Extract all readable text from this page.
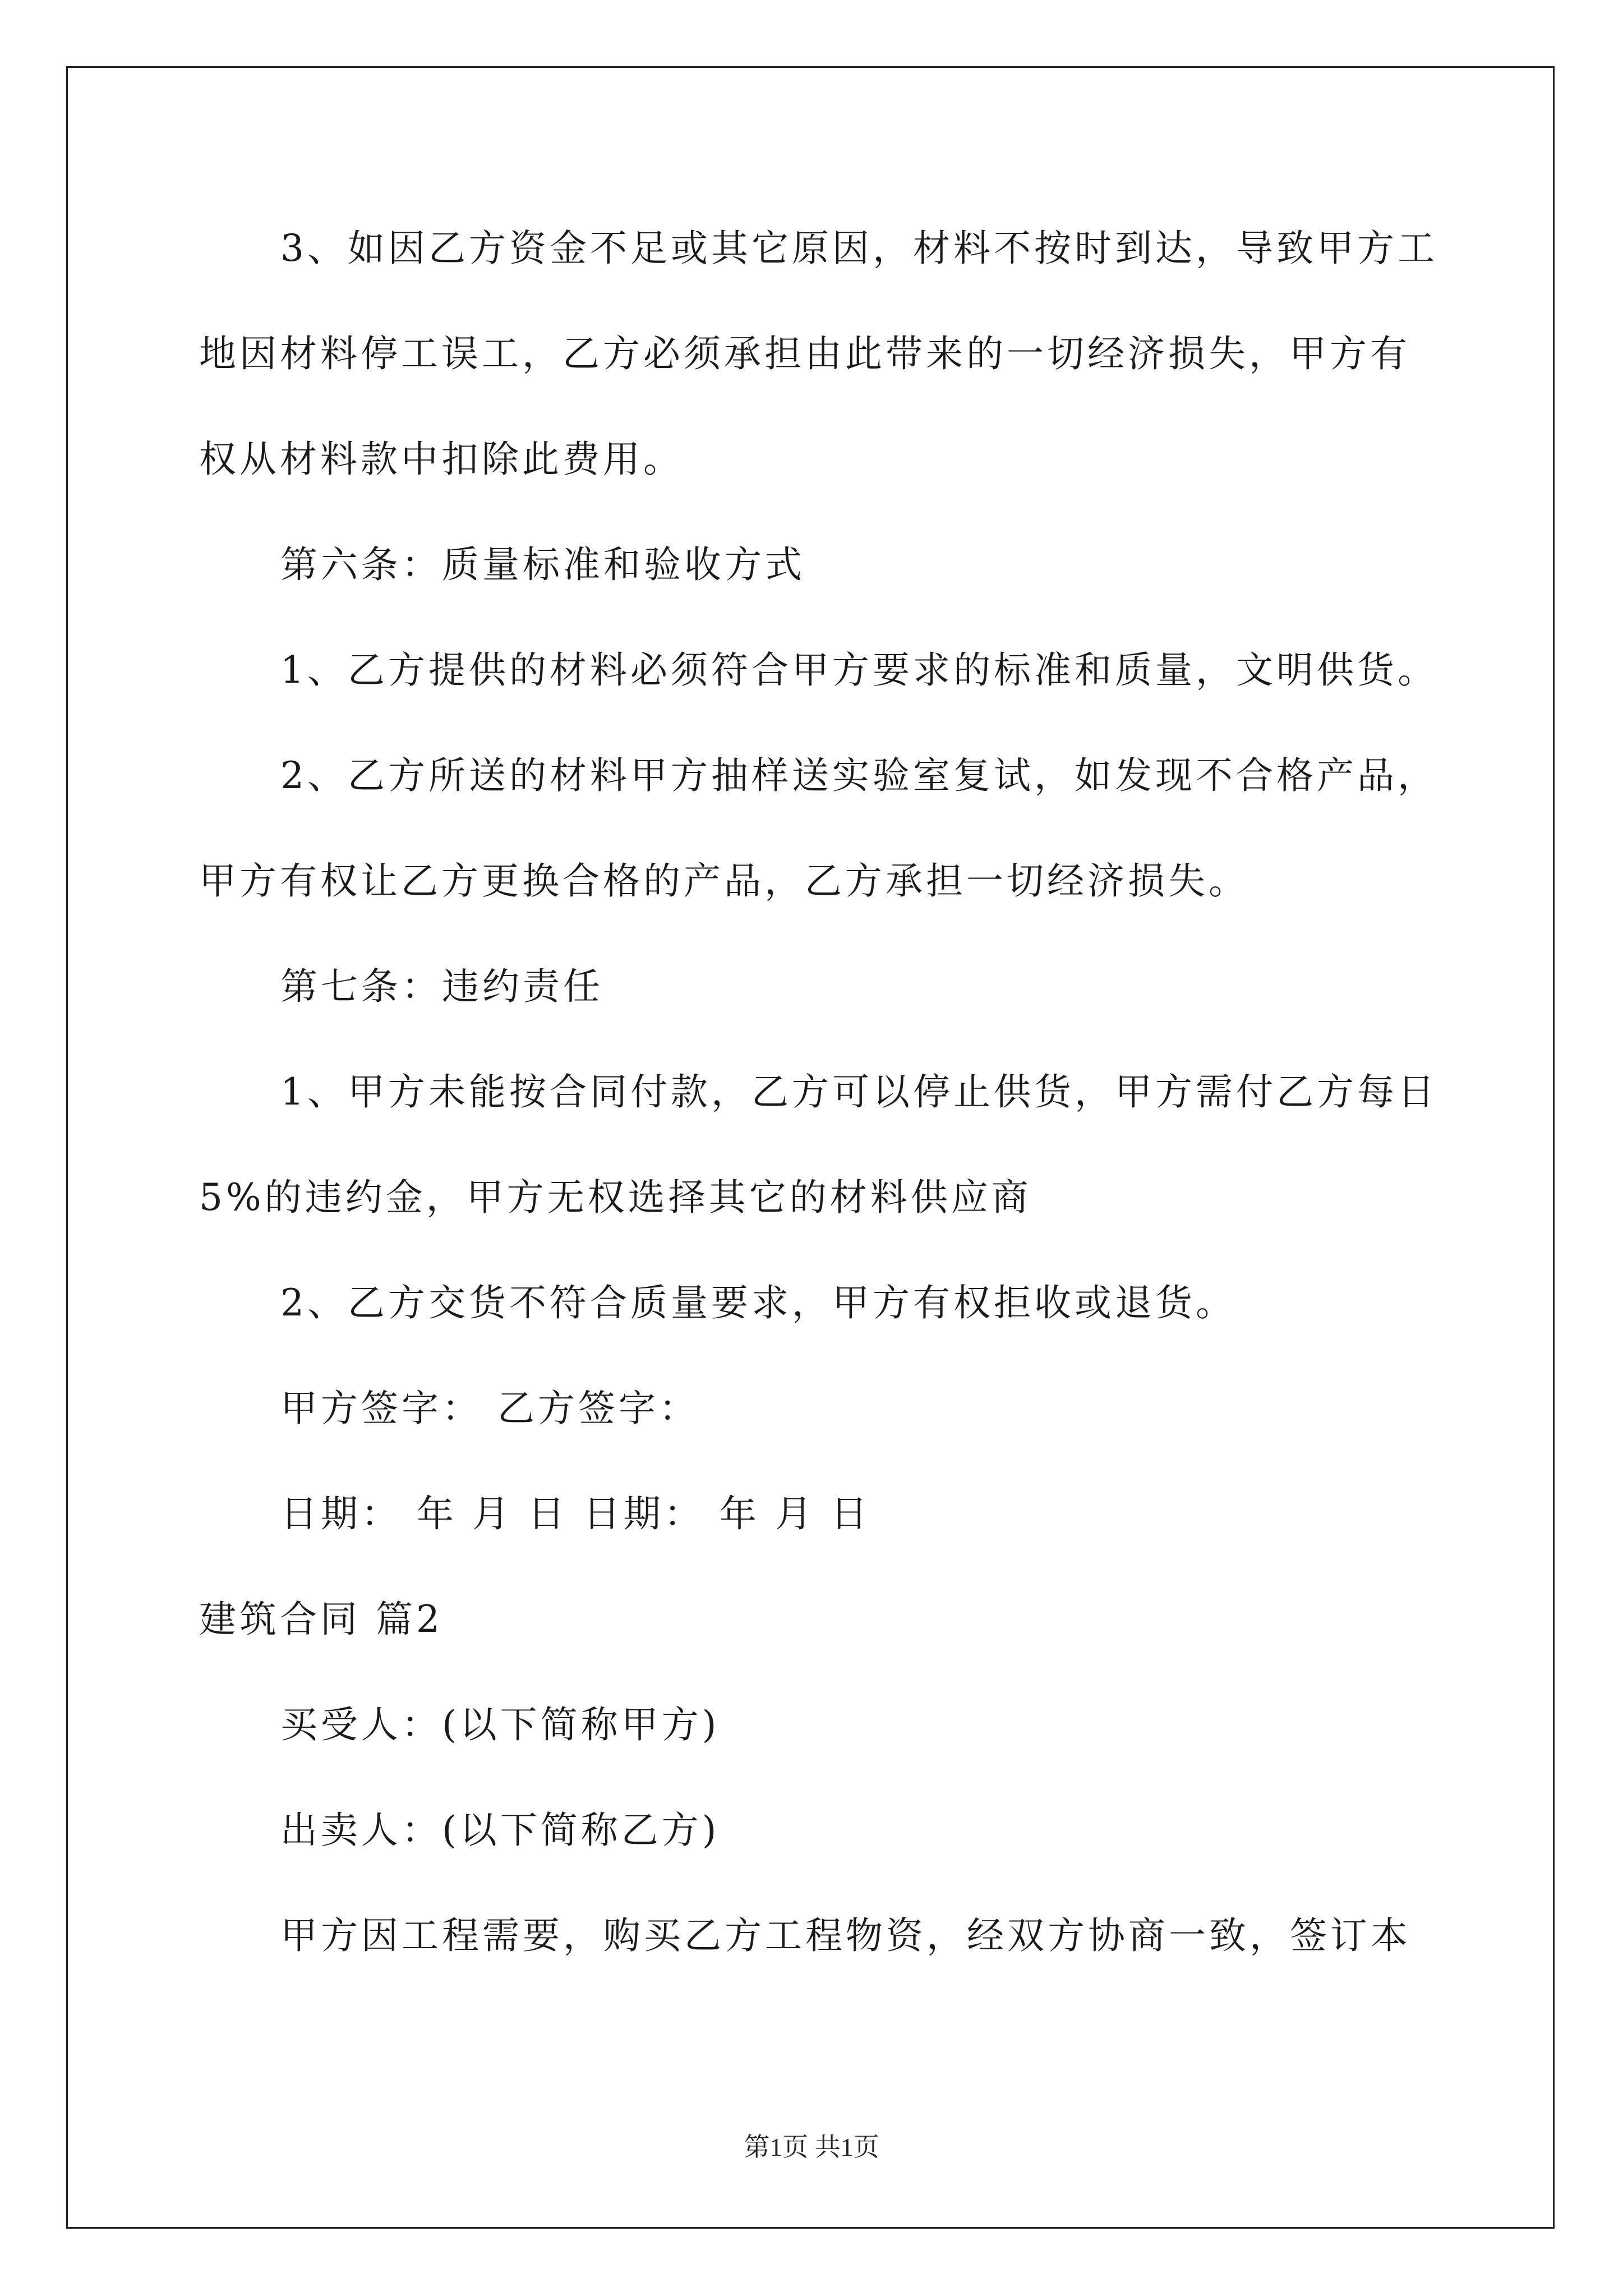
3、如因乙方资金不足或其它原因，材料不按时到达，导致甲方工
地因材料停工误工，乙方必须承担由此带来的一切经济损失，甲方有
权从材料款中扣除此费用。
第六条：质量标准和验收方式
1、乙方提供的材料必须符合甲方要求的标准和质量，文明供货。
2、乙方所送的材料甲方抽样送实验室复试，如发现不合格产品，
甲方有权让乙方更换合格的产品，乙方承担一切经济损失。
第七条：违约责任
1、甲方未能按合同付款，乙方可以停止供货，甲方需付乙方每日
5%的违约金，甲方无权选择其它的材料供应商
2、乙方交货不符合质量要求，甲方有权拒收或退货。
甲方签字： 乙方签字：
日期： 年 月 日 日期： 年 月 日
建筑合同 篇2
买受人：(以下简称甲方)
出卖人：(以下简称乙方)
甲方因工程需要，购买乙方工程物资，经双方协商一致，签订本
第1页 共1页
